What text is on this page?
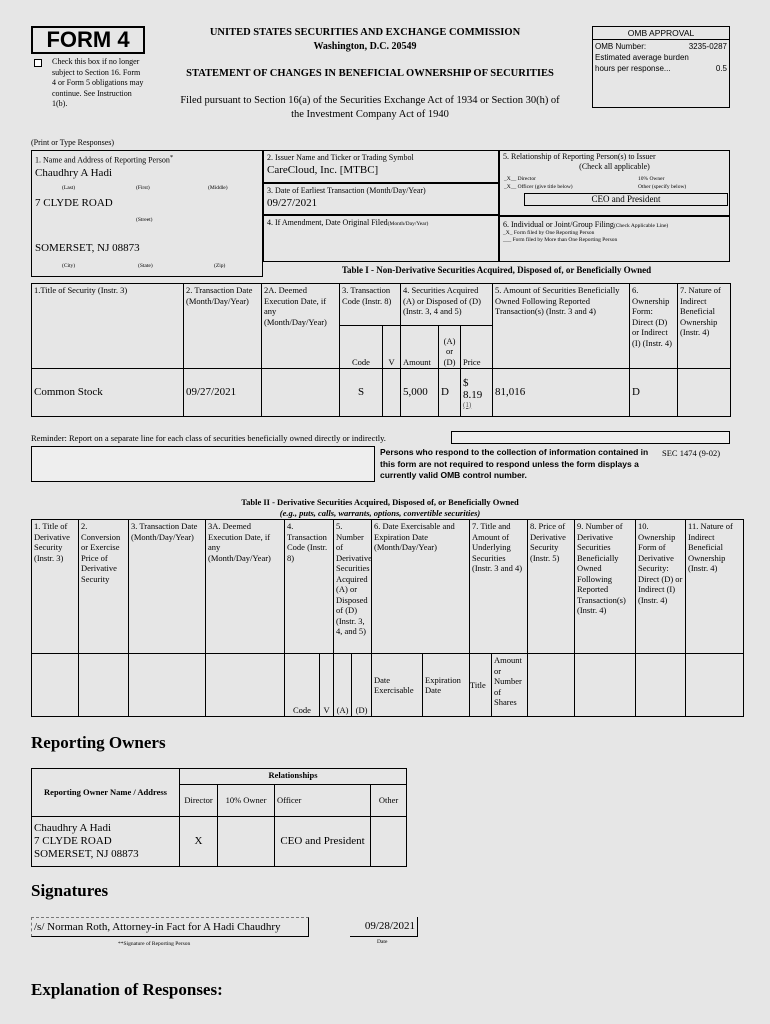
FORM 4
Check this box if no longer subject to Section 16. Form 4 or Form 5 obligations may continue. See Instruction 1(b).
UNITED STATES SECURITIES AND EXCHANGE COMMISSION
Washington, D.C. 20549
STATEMENT OF CHANGES IN BENEFICIAL OWNERSHIP OF SECURITIES
Filed pursuant to Section 16(a) of the Securities Exchange Act of 1934 or Section 30(h) of
the Investment Company Act of 1940
OMB APPROVAL
OMB Number:	3235-0287
Estimated average burden
hours per response...	0.5
(Print or Type Responses)
1. Name and Address of Reporting Person*
Chaudhry A Hadi
(Last)	(First)	(Middle)
7 CLYDE ROAD
(Street)
SOMERSET, NJ 08873
(City)	(State)	(Zip)
2. Issuer Name and Ticker or Trading Symbol
CareCloud, Inc. [MTBC]
3. Date of Earliest Transaction (Month/Day/Year)
09/27/2021
4. If Amendment, Date Original Filed(Month/Day/Year)
5. Relationship of Reporting Person(s) to Issuer
(Check all applicable)
_X__ Director	10% Owner
_X__ Officer (give title below)	Other (specify below)
CEO and President
6. Individual or Joint/Group Filing(Check Applicable Line)
_X_ Form filed by One Reporting Person
___ Form filed by More than One Reporting Person
Table I - Non-Derivative Securities Acquired, Disposed of, or Beneficially Owned
1.Title of Security (Instr. 3)	2. Transaction Date (Month/Day/Year)	2A. Deemed Execution Date, if any (Month/Day/Year)	3. Transaction Code (Instr. 8)		4. Securities Acquired (A) or Disposed of (D) (Instr. 3, 4 and 5)			5. Amount of Securities Beneficially Owned Following Reported Transaction(s) (Instr. 3 and 4)	6. Ownership Form: Direct (D) or Indirect (I) (Instr. 4)	7. Nature of Indirect Beneficial Ownership (Instr. 4)
			Code	V	Amount	(A) or (D)	Price			
Common Stock	09/27/2021		S		5,000	D	$
8.19
(1)	81,016	D	
Reminder: Report on a separate line for each class of securities beneficially owned directly or indirectly.
Persons who respond to the collection of information contained in this form are not required to respond unless the form displays a currently valid OMB control number.
SEC 1474 (9-02)
Table II - Derivative Securities Acquired, Disposed of, or Beneficially Owned
(e.g., puts, calls, warrants, options, convertible securities)
1. Title of Derivative Security (Instr. 3)	2. Conversion or Exercise Price of Derivative Security	3. Transaction Date (Month/Day/Year)	3A. Deemed Execution Date, if any (Month/Day/Year)	4. Transaction Code (Instr. 8)		5. Number of Derivative Securities Acquired (A) or Disposed of (D) (Instr. 3, 4, and 5)		6. Date Exercisable and Expiration Date (Month/Day/Year)		7. Title and Amount of Underlying Securities (Instr. 3 and 4)		8. Price of Derivative Security (Instr. 5)	9. Number of Derivative Securities Beneficially Owned Following Reported Transaction(s) (Instr. 4)	10. Ownership Form of Derivative Security: Direct (D) or Indirect (I) (Instr. 4)	11. Nature of Indirect Beneficial Ownership (Instr. 4)
				Code	V	(A)	(D)	Date Exercisable	Expiration Date	Title	Amount or Number of Shares				
Reporting Owners
Reporting Owner Name / Address	Relationships			
	Director	10% Owner	Officer	Other

Chaudhry A Hadi
7 CLYDE ROAD
SOMERSET, NJ 08873	X		CEO and President	
Signatures
/s/ Norman Roth, Attorney-in Fact for A Hadi Chaudhry
**Signature of Reporting Person
09/28/2021
Date
Explanation of Responses:
